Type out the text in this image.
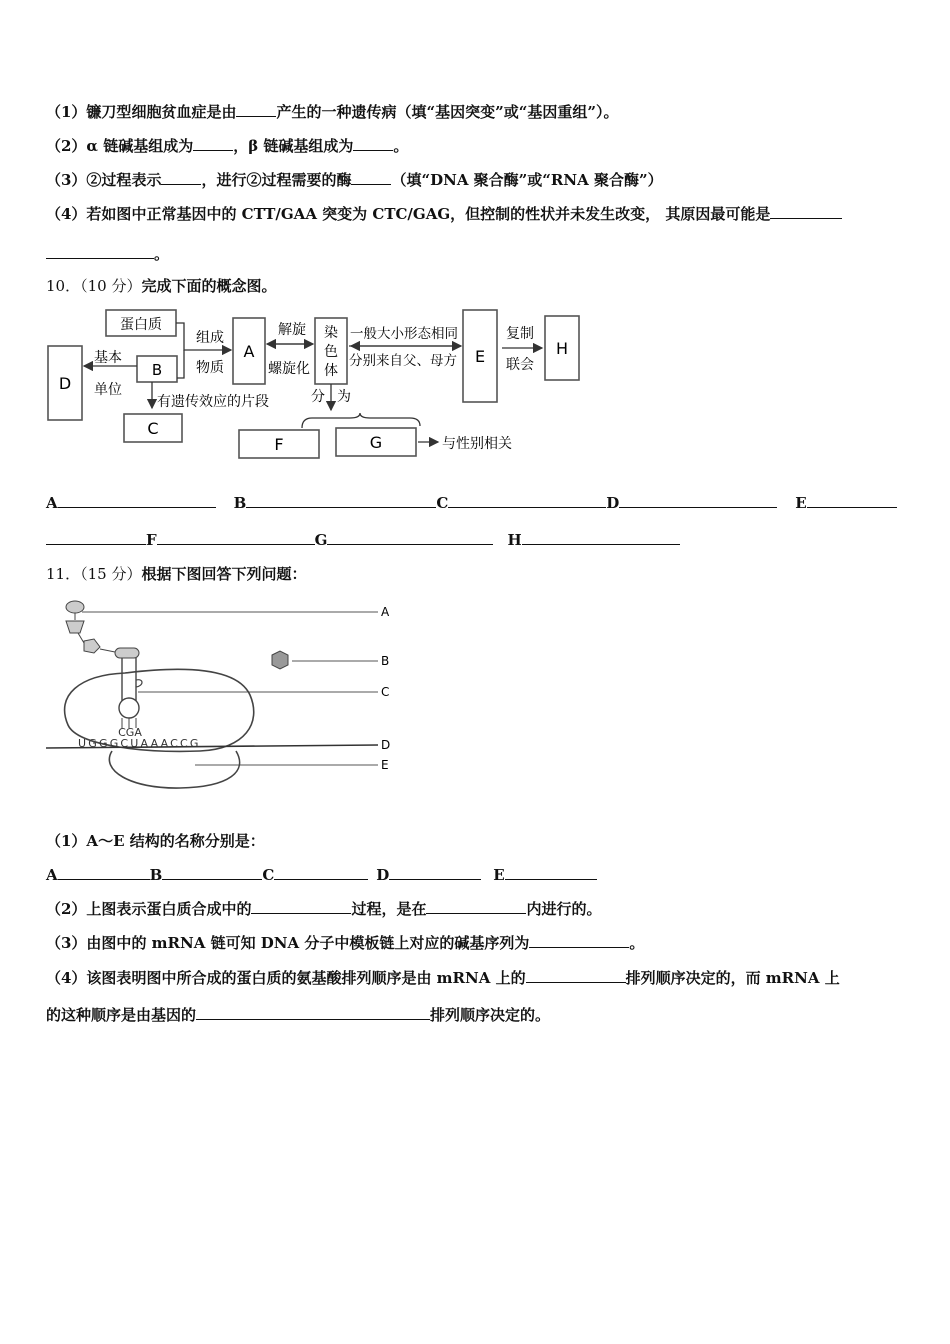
（1）镰刀型细胞贫血症是由	产生的一种遗传病（填“基因突变”或“基因重组”）。
（2）α 链碱基组成为	，β 链碱基组成为	。
（3）②过程表示	，进行②过程需要的酶	（填“DNA 聚合酶”或“RNA 聚合酶”）
（4）若如图中正常基因中的 CTT/GAA 突变为 CTC/GAG，但控制的性状并未发生改变， 其原因最可能是
。
10．（10 分）完成下面的概念图。
蛋白质
A
B
D
C
染
色
体
E	H
F	G
组成
物质
基本
单位
有遗传效应的片段
解旋
螺旋化
一般大小形态相同
分别来自父、母方
复制
联会
分 为
与性别相关
A	B	C	D	E
F	G	H
11．（15 分）根据下图回答下列问题：
CGA
UGGGCUAAACCG
A
B
C
D
E
（1）A～E 结构的名称分别是：
A	B	C	D	E
（2）上图表示蛋白质合成中的	过程，是在	内进行的。
（3）由图中的 mRNA 链可知 DNA 分子中模板链上对应的碱基序列为	。
（4）该图表明图中所合成的蛋白质的氨基酸排列顺序是由 mRNA 上的	排列顺序决定的，而 mRNA 上
的这种顺序是由基因的	排列顺序决定的。
